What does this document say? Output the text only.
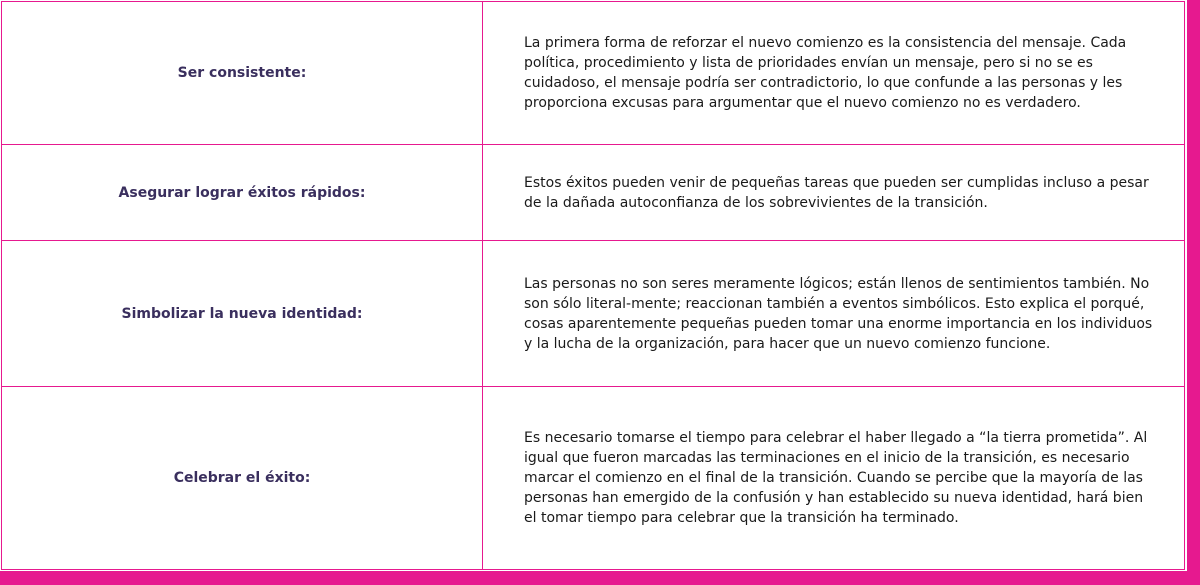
Ser consistente:

La primera forma de reforzar el nuevo comienzo es la consistencia del mensaje. Cada política, procedimiento y lista de prioridades envían un mensaje, pero si no se es cuidadoso, el mensaje podría ser contradictorio, lo que confunde a las personas y les proporciona excusas para argumentar que el nuevo comienzo no es verdadero.

Asegurar lograr éxitos rápidos:

Estos éxitos pueden venir de pequeñas tareas que pueden ser cumplidas incluso a pesar de la dañada autoconfianza de los sobrevivientes de la transición.

Simbolizar la nueva identidad:

Las personas no son seres meramente lógicos; están llenos de sentimientos también. No son sólo literal-mente; reaccionan también a eventos simbólicos. Esto explica el porqué, cosas aparentemente pequeñas pueden tomar una enorme importancia en los individuos y la lucha de la organización, para hacer que un nuevo comienzo funcione.

Celebrar el éxito:

Es necesario tomarse el tiempo para celebrar el haber llegado a “la tierra prometida”. Al igual que fueron marcadas las terminaciones en el inicio de la transición, es necesario marcar el comienzo en el final de la transición. Cuando se percibe que la mayoría de las personas han emergido de la confusión y han establecido su nueva identidad, hará bien el tomar tiempo para celebrar que la transición ha terminado.
